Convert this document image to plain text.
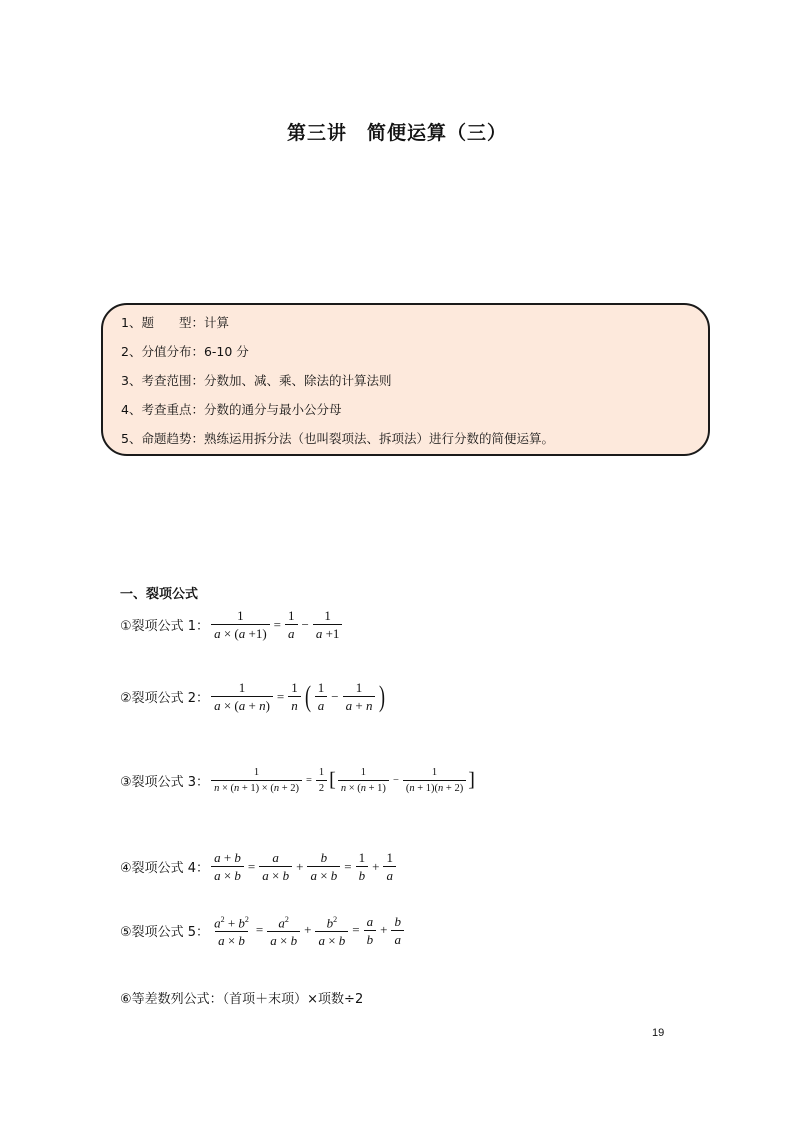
第三讲　简便运算（三）
1、题　　型：计算
2、分值分布：6-10 分
3、考查范围：分数加、减、乘、除法的计算法则
4、考查重点：分数的通分与最小公分母
5、命题趋势：熟练运用拆分法（也叫裂项法、拆项法）进行分数的简便运算。
一、裂项公式
①裂项公式 1： $\frac{1}{a \times (a +1)} = \frac{1}{a} - \frac{1}{a +1}$
②裂项公式 2： $\frac{1}{a \times (a + n)} = \frac{1}{n}$ ( $\frac{1}{a} - \frac{1}{a + n}$ )
③裂项公式 3： $\frac{1}{n \times (n + 1) \times (n + 2)} = \frac{1}{2}$ [ $\frac{1}{n \times (n + 1)} - \frac{1}{(n + 1)(n + 2)}$ ]
④裂项公式 4： $\frac{a + b}{a \times b} = \frac{a}{a \times b} + \frac{b}{a \times b} = \frac{1}{b} + \frac{1}{a}$
⑤裂项公式 5： $\frac{a^2 + b^2}{a \times b} = \frac{a^2}{a \times b} + \frac{b^2}{a \times b} = \frac{a}{b} + \frac{b}{a}$
⑥等差数列公式：（首项＋末项）×项数÷2
19
